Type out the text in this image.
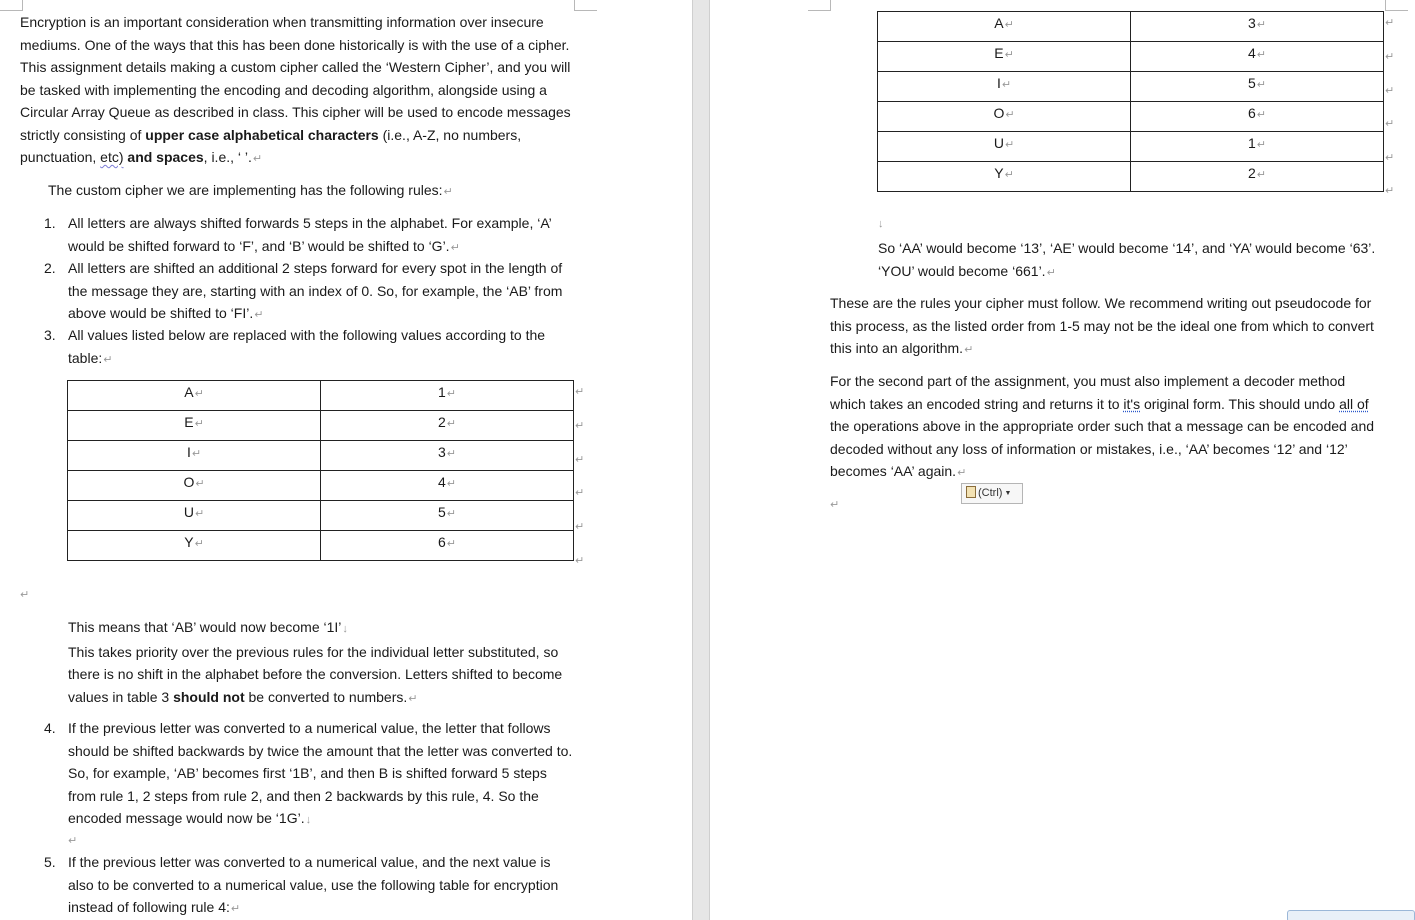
Encryption is an important consideration when transmitting information over insecure
mediums. One of the ways that this has been done historically is with the use of a cipher.
This assignment details making a custom cipher called the ‘Western Cipher’, and you will
be tasked with implementing the encoding and decoding algorithm, alongside using a
Circular Array Queue as described in class. This cipher will be used to encode messages
strictly consisting of upper case alphabetical characters (i.e., A-Z, no numbers,
punctuation, etc) and spaces, i.e., ‘ ’.↵
The custom cipher we are implementing has the following rules:↵
1. All letters are always shifted forwards 5 steps in the alphabet. For example, ‘A’
would be shifted forward to ‘F’, and ‘B’ would be shifted to ‘G’.↵
2. All letters are shifted an additional 2 steps forward for every spot in the length of
the message they are, starting with an index of 0. So, for example, the ‘AB’ from
above would be shifted to ‘FI’.↵
3. All values listed below are replaced with the following values according to the
table:↵
A↵	1↵
E↵	2↵
I↵	3↵
O↵	4↵
U↵	5↵
Y↵	6↵
↵
↵
↵
↵
↵
↵
↵
This means that ‘AB’ would now become ‘1I’↓
This takes priority over the previous rules for the individual letter substituted, so
there is no shift in the alphabet before the conversion. Letters shifted to become
values in table 3 should not be converted to numbers.↵
4. If the previous letter was converted to a numerical value, the letter that follows
should be shifted backwards by twice the amount that the letter was converted to.
So, for example, ‘AB’ becomes first ‘1B’, and then B is shifted forward 5 steps
from rule 1, 2 steps from rule 2, and then 2 backwards by this rule, 4. So the
encoded message would now be ‘1G’.↓
↵
5. If the previous letter was converted to a numerical value, and the next value is
also to be converted to a numerical value, use the following table for encryption
instead of following rule 4:↵
A↵	3↵
E↵	4↵
I↵	5↵
O↵	6↵
U↵	1↵
Y↵	2↵
↵
↵
↵
↵
↵
↵
↓
So ‘AA’ would become ‘13’, ‘AE’ would become ‘14’, and ‘YA’ would become ‘63’.
‘YOU’ would become ‘661’.↵
These are the rules your cipher must follow. We recommend writing out pseudocode for
this process, as the listed order from 1-5 may not be the ideal one from which to convert
this into an algorithm.↵
For the second part of the assignment, you must also implement a decoder method
which takes an encoded string and returns it to it's original form. This should undo all of
the operations above in the appropriate order such that a message can be encoded and
decoded without any loss of information or mistakes, i.e., ‘AA’ becomes ‘12’ and ‘12’
becomes ‘AA’ again.↵
↵
(Ctrl) ▼
